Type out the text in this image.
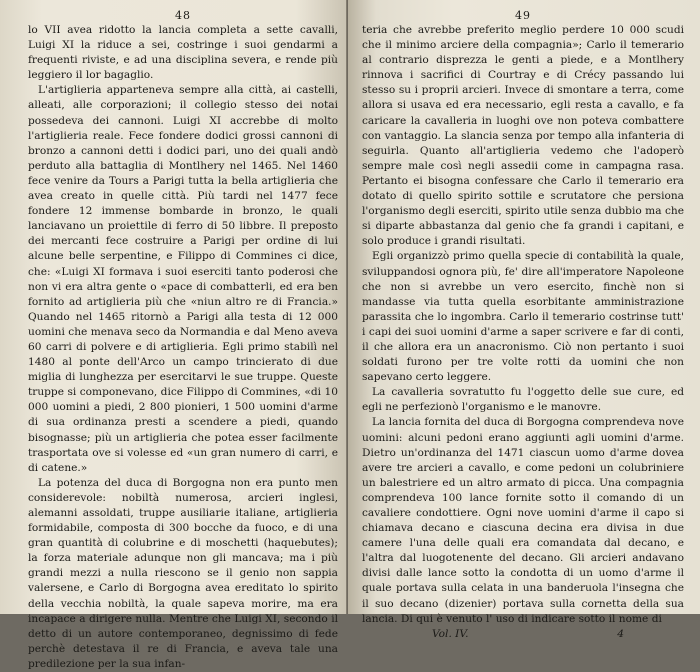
48

lo VII avea ridotto la lancia completa a sette cavalli, Luigi XI la riduce a sei, costringe i suoi gendarmi a frequenti riviste, e ad una disciplina severa, e rende più leggiero il lor bagaglio.

L'artiglieria apparteneva sempre alla città, ai castelli, alleati, alle corporazioni; il collegio stesso dei notai possedeva dei cannoni. Luigi XI accrebbe di molto l'artiglieria reale. Fece fondere dodici grossi cannoni di bronzo a cannoni detti i dodici pari, uno dei quali andò perduto alla battaglia di Montlhery nel 1465. Nel 1460 fece venire da Tours a Parigi tutta la bella artiglieria che avea creato in quelle città. Più tardi nel 1477 fece fondere 12 immense bombarde in bronzo, le quali lanciavano un proiettile di ferro di 50 libbre. Il preposto dei mercanti fece costruire a Parigi per ordine di lui alcune belle serpentine, e Filippo di Commines ci dice, che: «Luigi XI formava i suoi eserciti tanto poderosi che non vi era altra gente o «pace di combatterli, ed era ben fornito ad artiglieria più che «niun altro re di Francia.» Quando nel 1465 ritornò a Parigi alla testa di 12 000 uomini che menava seco da Normandia e dal Meno aveva 60 carri di polvere e di artiglieria. Egli primo stabilì nel 1480 al ponte dell'Arco un campo trincierato di due miglia di lunghezza per esercitarvi le sue truppe. Queste truppe si componevano, dice Filippo di Commines, «di 10 000 uomini a piedi, 2 800 pionieri, 1 500 uomini d'arme di sua ordinanza presti a scendere a piedi, quando bisognasse; più un artiglieria che potea esser facilmente trasportata ove si volesse ed «un gran numero di carri, e di catene.»

La potenza del duca di Borgogna non era punto men considerevole: nobiltà numerosa, arcieri inglesi, alemanni assoldati, truppe ausiliarie italiane, artiglieria formidabile, composta di 300 bocche da fuoco, e di una gran quantità di colubrine e di moschetti (haquebutes); la forza materiale adunque non gli mancava; ma i più grandi mezzi a nulla riescono se il genio non sappia valersene, e Carlo di Borgogna avea ereditato lo spirito della vecchia nobiltà, la quale sapeva morire, ma era incapace a dirigere nulla. Mentre che Luigi XI, secondo il detto di un autore contemporaneo, degnissimo di fede perchè detestava il re di Francia, e aveva tale una predilezione per la sua infan-

49

teria che avrebbe preferito meglio perdere 10 000 scudi che il minimo arciere della compagnia»; Carlo il temerario al contrario disprezza le genti a piede, e a Montlhery rinnova i sacrifici di Courtray e di Crécy passando lui stesso su i proprii arcieri. Invece di smontare a terra, come allora si usava ed era necessario, egli resta a cavallo, e fa caricare la cavalleria in luoghi ove non poteva combattere con vantaggio. La slancia senza por tempo alla infanteria di seguirla. Quanto all'artiglieria vedemo che l'adoperò sempre male così negli assedii come in campagna rasa. Pertanto ei bisogna confessare che Carlo il temerario era dotato di quello spirito sottile e scrutatore che persiona l'organismo degli eserciti, spirito utile senza dubbio ma che si diparte abbastanza dal genio che fa grandi i capitani, e solo produce i grandi risultati.

Egli organizzò primo quella specie di contabilità la quale, sviluppandosi ognora più, fe' dire all'imperatore Napoleone che non si avrebbe un vero esercito, finchè non si mandasse via tutta quella esorbitante amministrazione parassita che lo ingombra. Carlo il temerario costrinse tutt' i capi dei suoi uomini d'arme a saper scrivere e far di conti, il che allora era un anacronismo. Ciò non pertanto i suoi soldati furono per tre volte rotti da uomini che non sapevano certo leggere.

La cavalleria sovratutto fu l'oggetto delle sue cure, ed egli ne perfezionò l'organismo e le manovre.

La lancia fornita del duca di Borgogna comprendeva nove uomini: alcuni pedoni erano aggiunti agli uomini d'arme. Dietro un'ordinanza del 1471 ciascun uomo d'arme dovea avere tre arcieri a cavallo, e come pedoni un colubriniere un balestriere ed un altro armato di picca. Una compagnia comprendeva 100 lance fornite sotto il comando di un cavaliere condottiere. Ogni nove uomini d'arme il capo si chiamava decano e ciascuna decina era divisa in due camere l'una delle quali era comandata dal decano, e l'altra dal luogotenente del decano. Gli arcieri andavano divisi dalle lance sotto la condotta di un uomo d'arme il quale portava sulla celata in una banderuola l'insegna che il suo decano (dizenier) portava sulla cornetta della sua lancia. Di qui è venuto l' uso di indicare sotto il nome di

Vol. IV.	4
